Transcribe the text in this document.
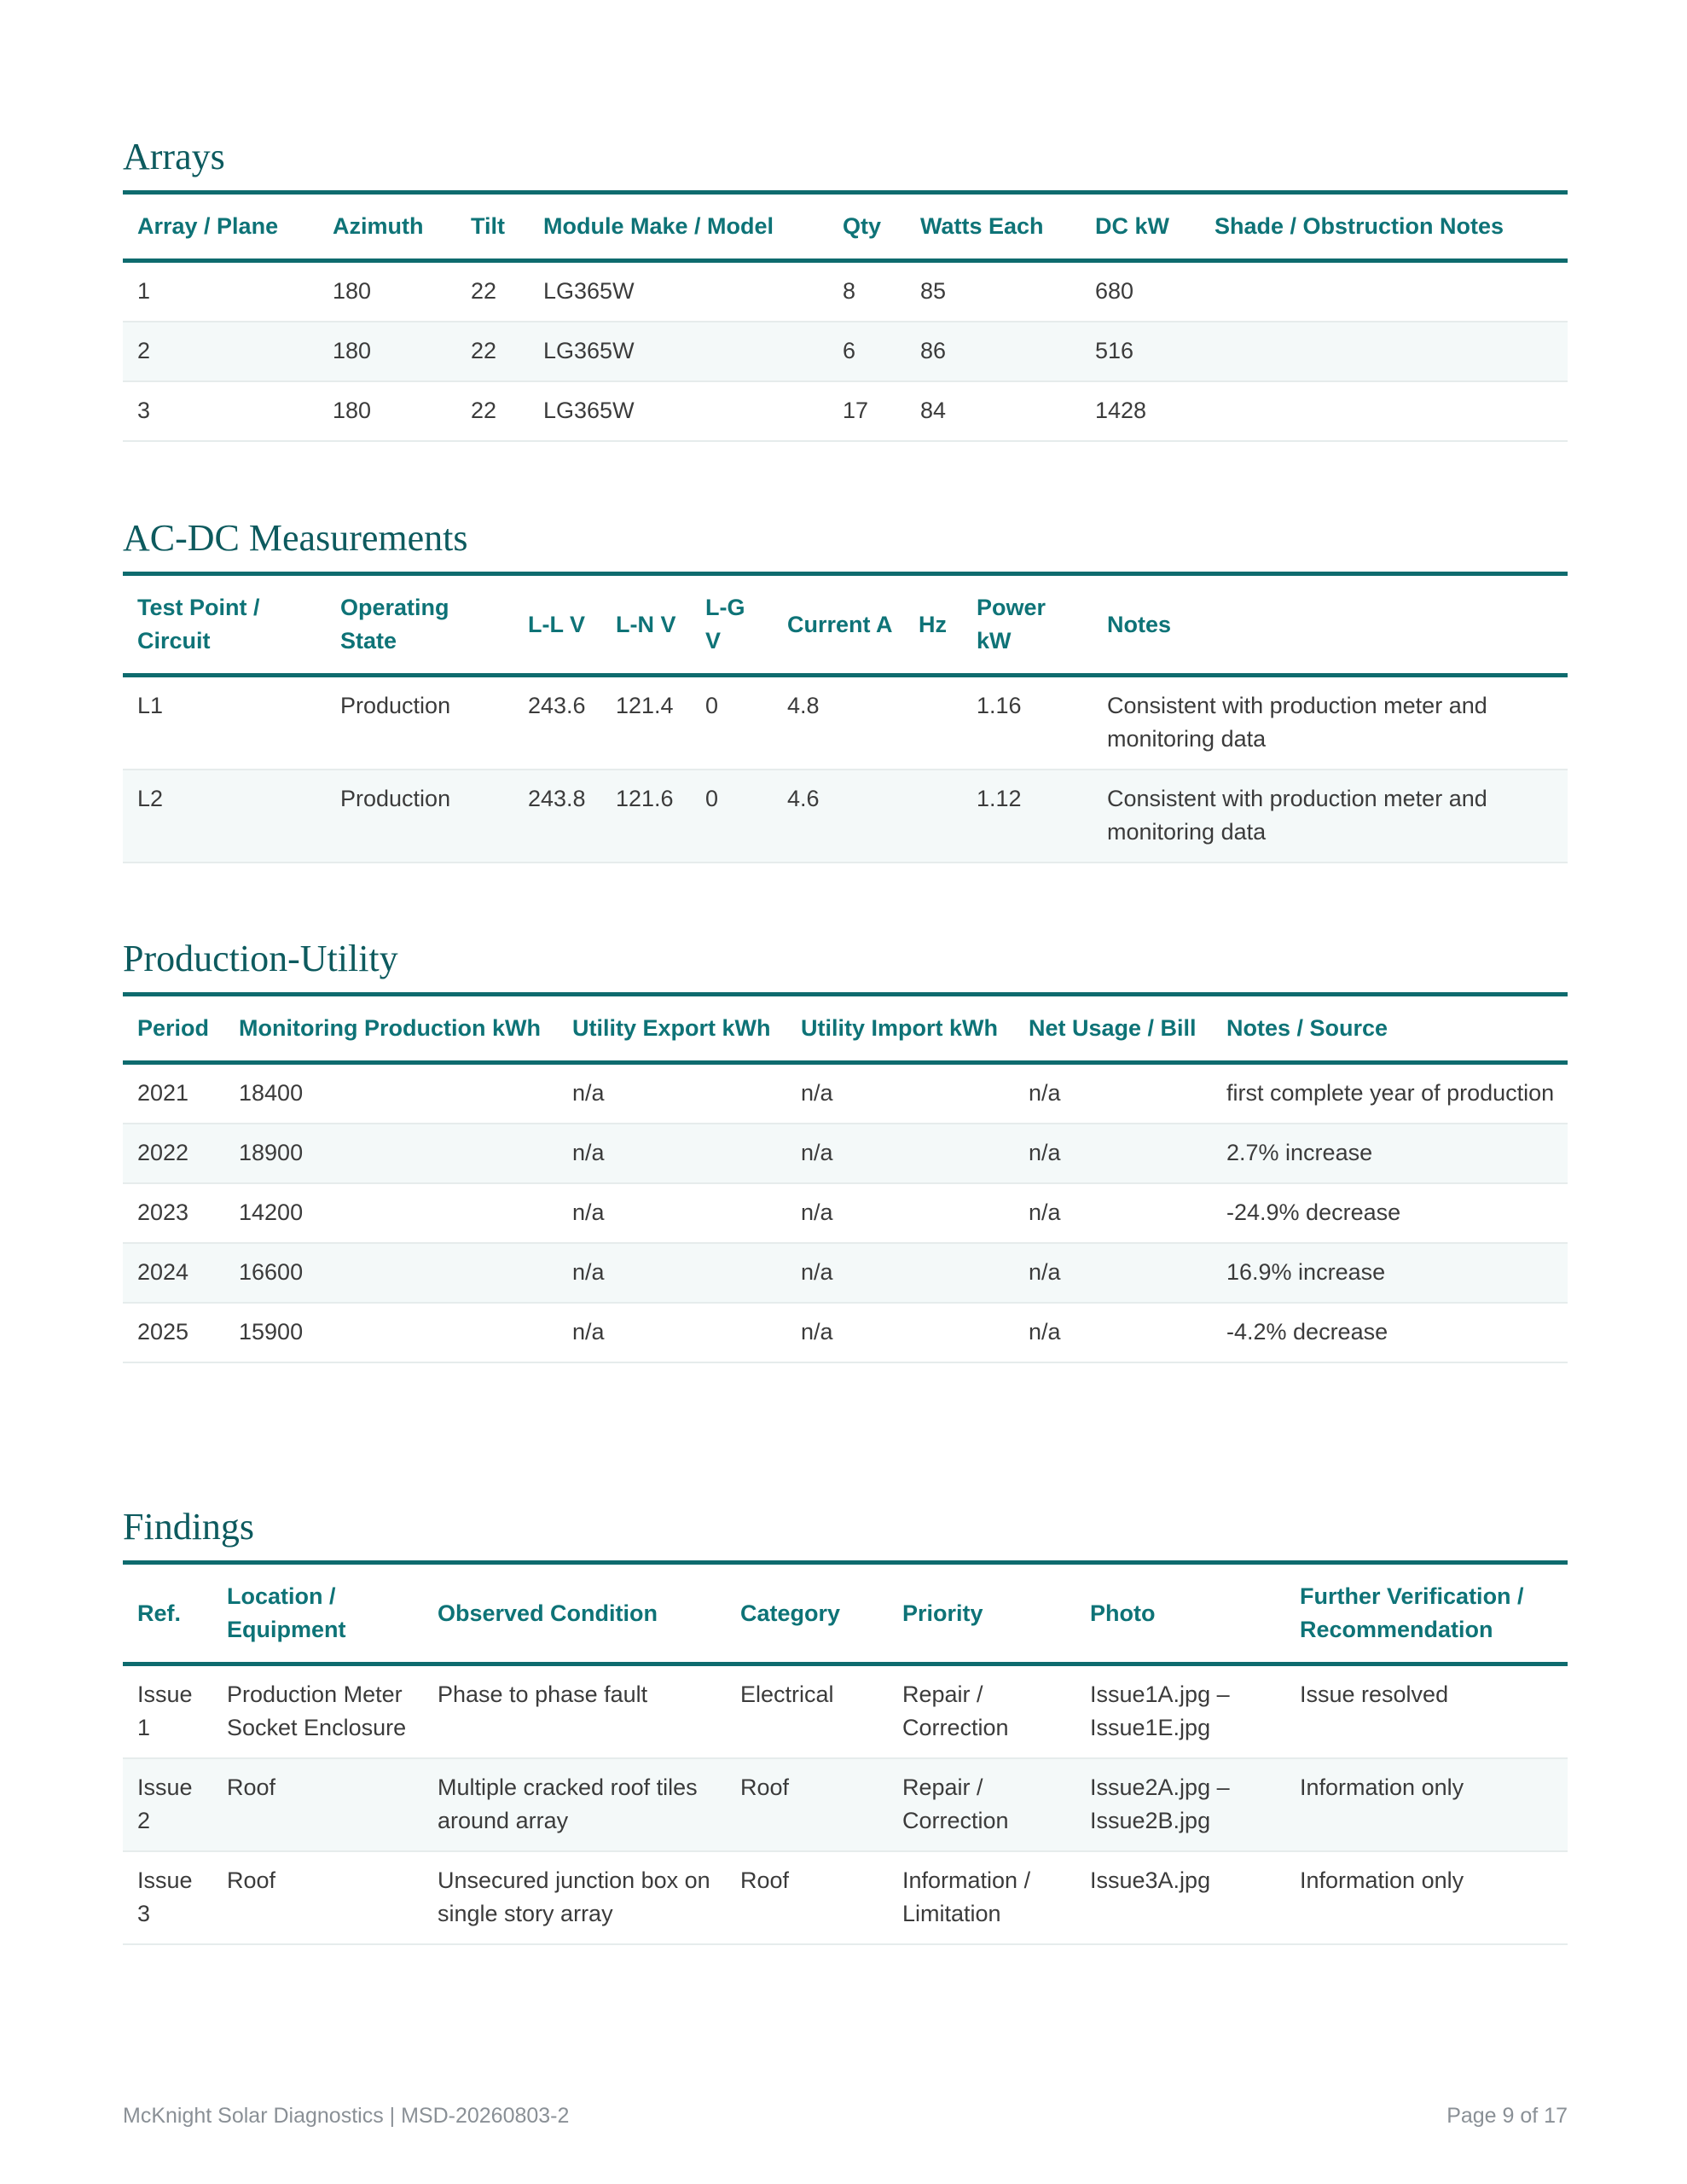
Arrays
Array / Plane	Azimuth	Tilt	Module Make / Model	Qty	Watts Each	DC kW	Shade / Obstruction Notes
1	180	22	LG365W	8	85	680	
2	180	22	LG365W	6	86	516	
3	180	22	LG365W	17	84	1428	
AC-DC Measurements
Test Point / Circuit	Operating State	L-L V	L-N V	L-G V	Current A	Hz	Power kW	Notes
L1	Production	243.6	121.4	0	4.8		1.16	Consistent with production meter and monitoring data
L2	Production	243.8	121.6	0	4.6		1.12	Consistent with production meter and monitoring data
Production-Utility
Period	Monitoring Production kWh	Utility Export kWh	Utility Import kWh	Net Usage / Bill	Notes / Source
2021	18400	n/a	n/a	n/a	first complete year of production
2022	18900	n/a	n/a	n/a	2.7% increase
2023	14200	n/a	n/a	n/a	-24.9% decrease
2024	16600	n/a	n/a	n/a	16.9% increase
2025	15900	n/a	n/a	n/a	-4.2% decrease
Findings
Ref.	Location / Equipment	Observed Condition	Category	Priority	Photo	Further Verification / Recommendation
Issue 1	Production Meter Socket Enclosure	Phase to phase fault	Electrical	Repair / Correction	Issue1A.jpg – Issue1E.jpg	Issue resolved
Issue 2	Roof	Multiple cracked roof tiles around array	Roof	Repair / Correction	Issue2A.jpg – Issue2B.jpg	Information only
Issue 3	Roof	Unsecured junction box on single story array	Roof	Information / Limitation	Issue3A.jpg	Information only
McKnight Solar Diagnostics | MSD-20260803-2	Page 9 of 17
